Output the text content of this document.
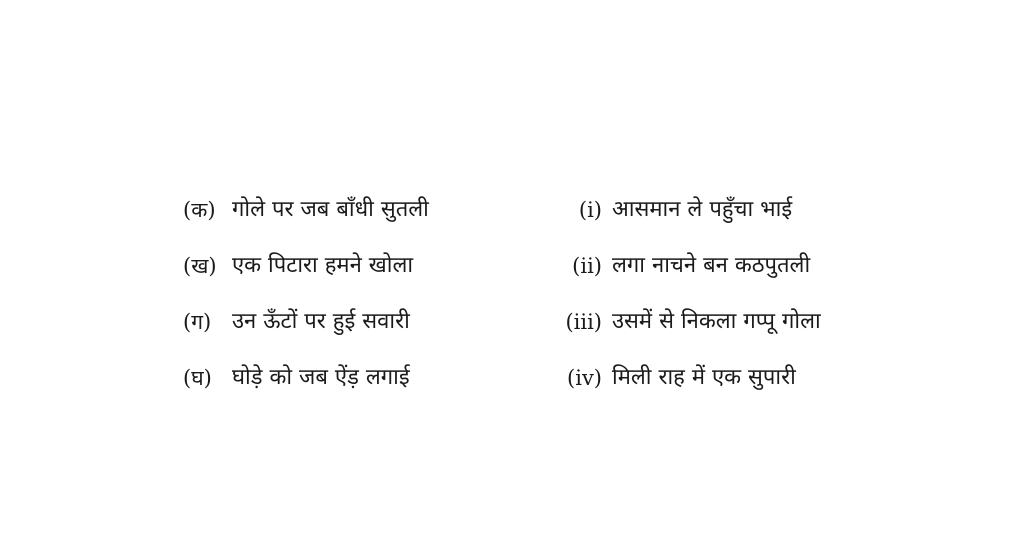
(क) गोले पर जब बाँधी सुतली	(i) आसमान ले पहुँचा भाई
(ख) एक पिटारा हमने खोला	(ii) लगा नाचने बन कठपुतली
(ग) उन ऊँटों पर हुई सवारी	(iii) उसमें से निकला गप्पू गोला
(घ) घोड़े को जब ऐंड़ लगाई	(iv) मिली राह में एक सुपारी
